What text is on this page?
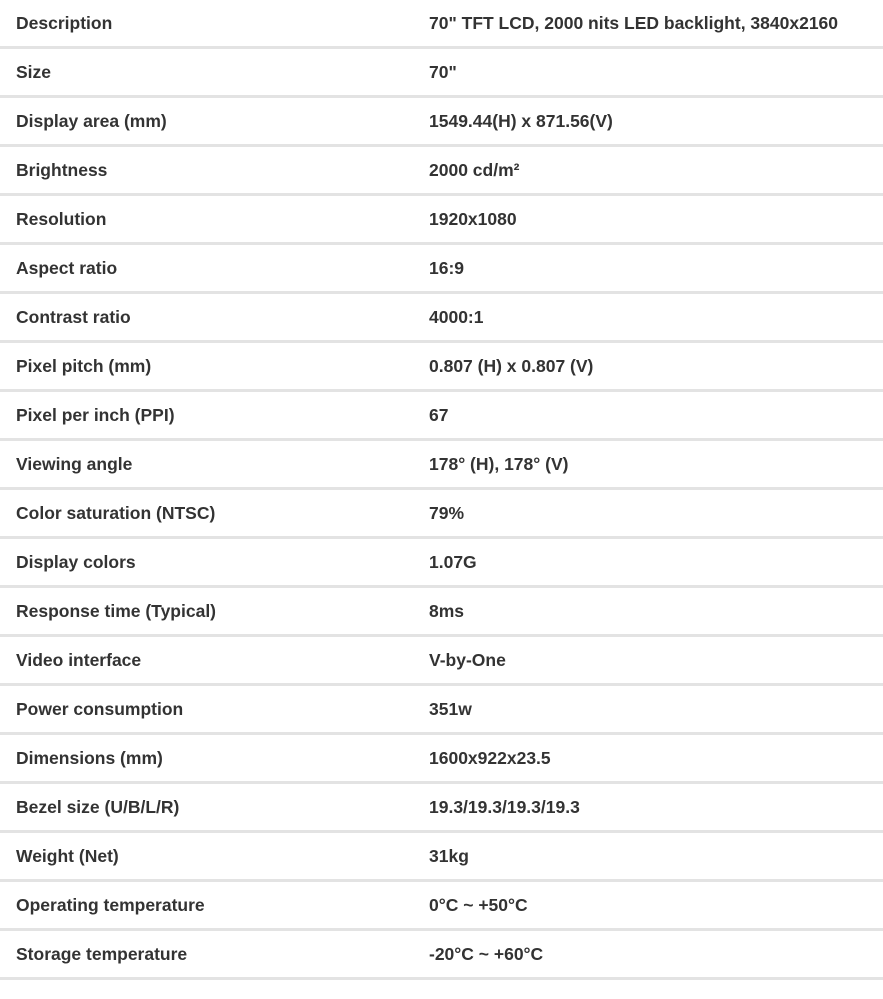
Description	70" TFT LCD, 2000 nits LED backlight, 3840x2160
Size	70"
Display area (mm)	1549.44(H) x 871.56(V)
Brightness	2000 cd/m²
Resolution	1920x1080
Aspect ratio	16:9
Contrast ratio	4000:1
Pixel pitch (mm)	0.807 (H) x 0.807 (V)
Pixel per inch (PPI)	67
Viewing angle	178° (H), 178° (V)
Color saturation (NTSC)	79%
Display colors	1.07G
Response time (Typical)	8ms
Video interface	V-by-One
Power consumption	351w
Dimensions (mm)	1600x922x23.5
Bezel size (U/B/L/R)	19.3/19.3/19.3/19.3
Weight (Net)	31kg
Operating temperature	0°C ~ +50°C
Storage temperature	-20°C ~ +60°C
